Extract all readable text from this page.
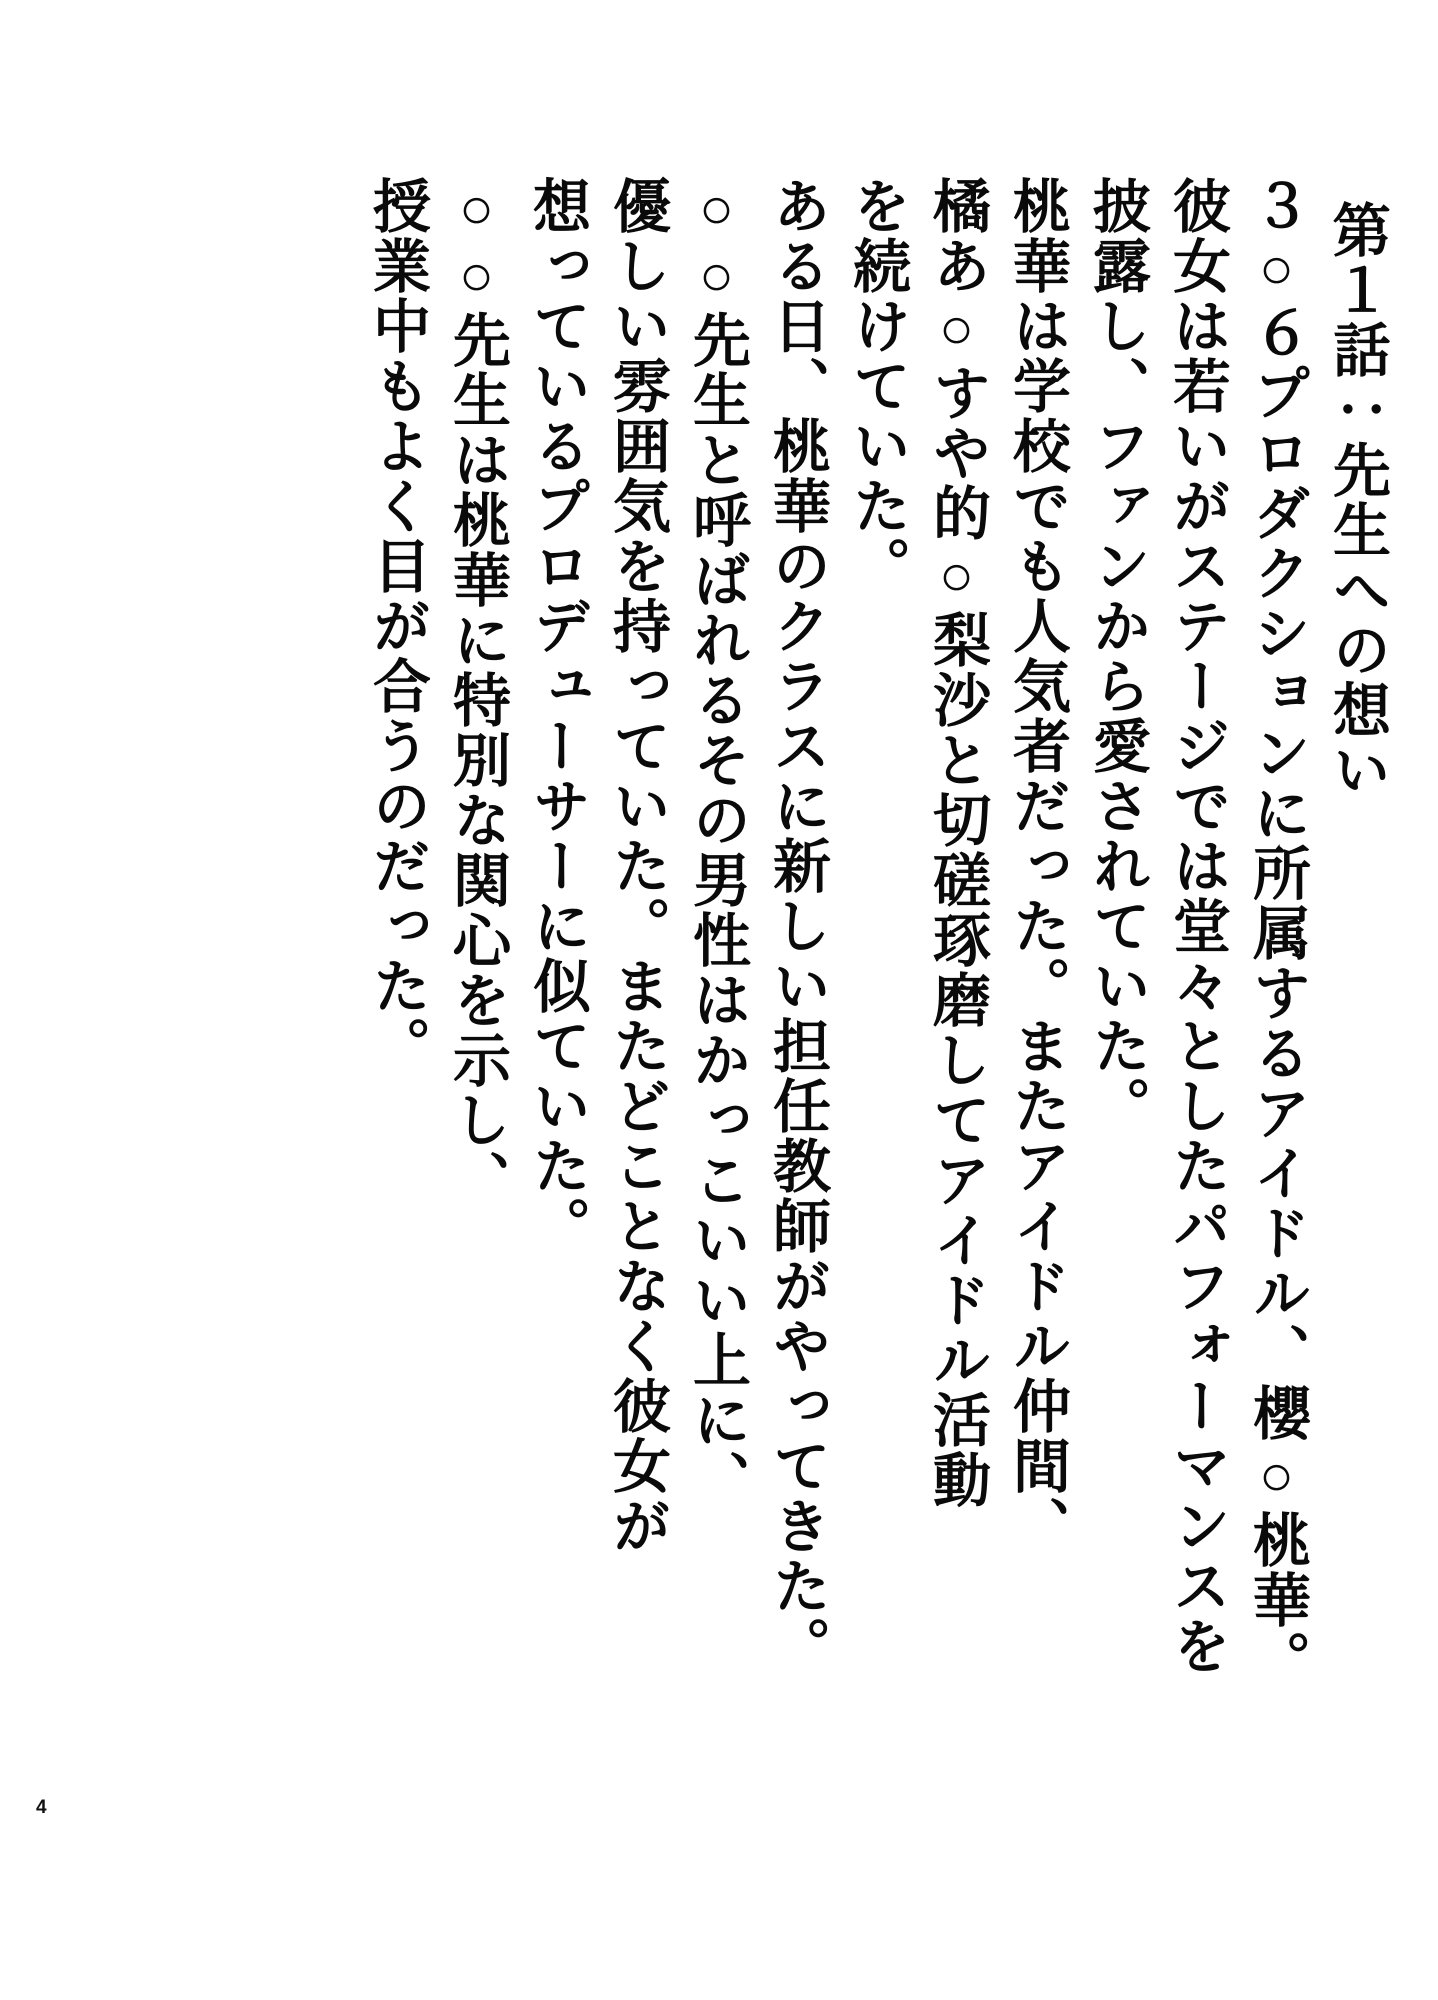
第１話：先生への想い

３○６プロダクションに所属するアイドル、櫻○桃華。

彼女は若いがステージでは堂々としたパフォーマンスを

披露し、ファンから愛されていた。

桃華は学校でも人気者だった。またアイドル仲間、

橘あ○すや的○梨沙と切磋琢磨してアイドル活動

を続けていた。

ある日、桃華のクラスに新しい担任教師がやってきた。

○○先生と呼ばれるその男性はかっこいい上に、

優しい雰囲気を持っていた。またどことなく彼女が

想っているプロデューサーに似ていた。

○○先生は桃華に特別な関心を示し、

授業中もよく目が合うのだった。

4
